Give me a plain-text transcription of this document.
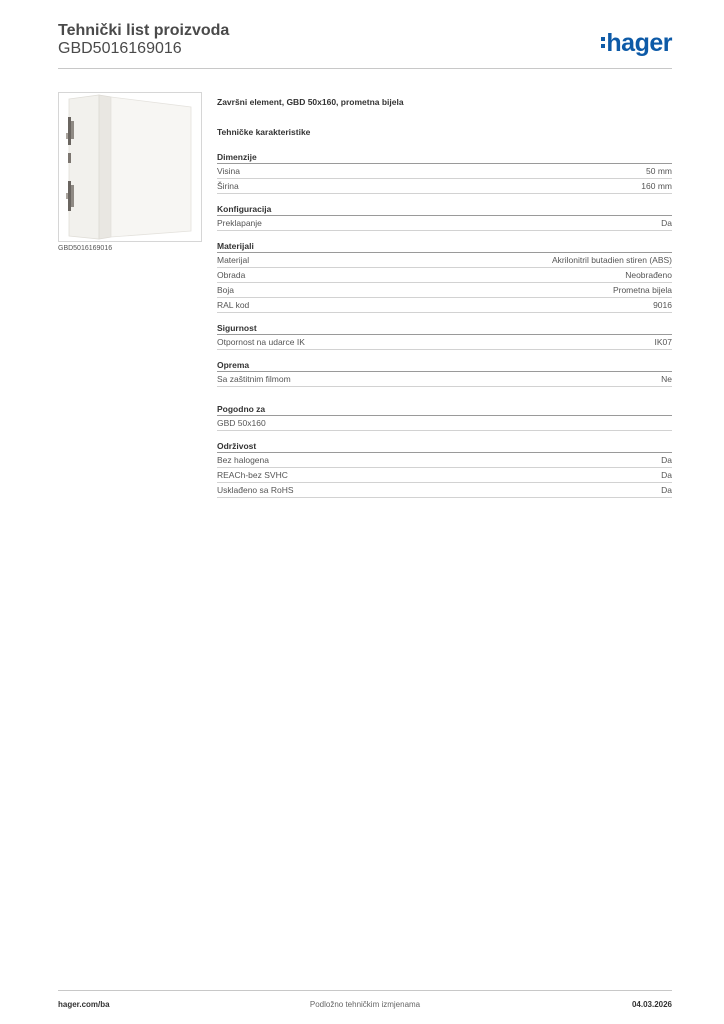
Tehnički list proizvoda
GBD5016169016	hager
GBD5016169016
Završni element, GBD 50x160, prometna bijela
Tehničke karakteristike
Dimenzije
Visina	50 mm
Širina	160 mm
Konfiguracija
Preklapanje	Da
Materijali
Materijal	Akrilonitril butadien stiren (ABS)
Obrada	Neobrađeno
Boja	Prometna bijela
RAL kod	9016
Sigurnost
Otpornost na udarce IK	IK07
Oprema
Sa zaštitnim filmom	Ne
Pogodno za
GBD 50x160
Održivost
Bez halogena	Da
REACh-bez SVHC	Da
Usklađeno sa RoHS	Da
hager.com/ba	Podložno tehničkim izmjenama	04.03.2026
